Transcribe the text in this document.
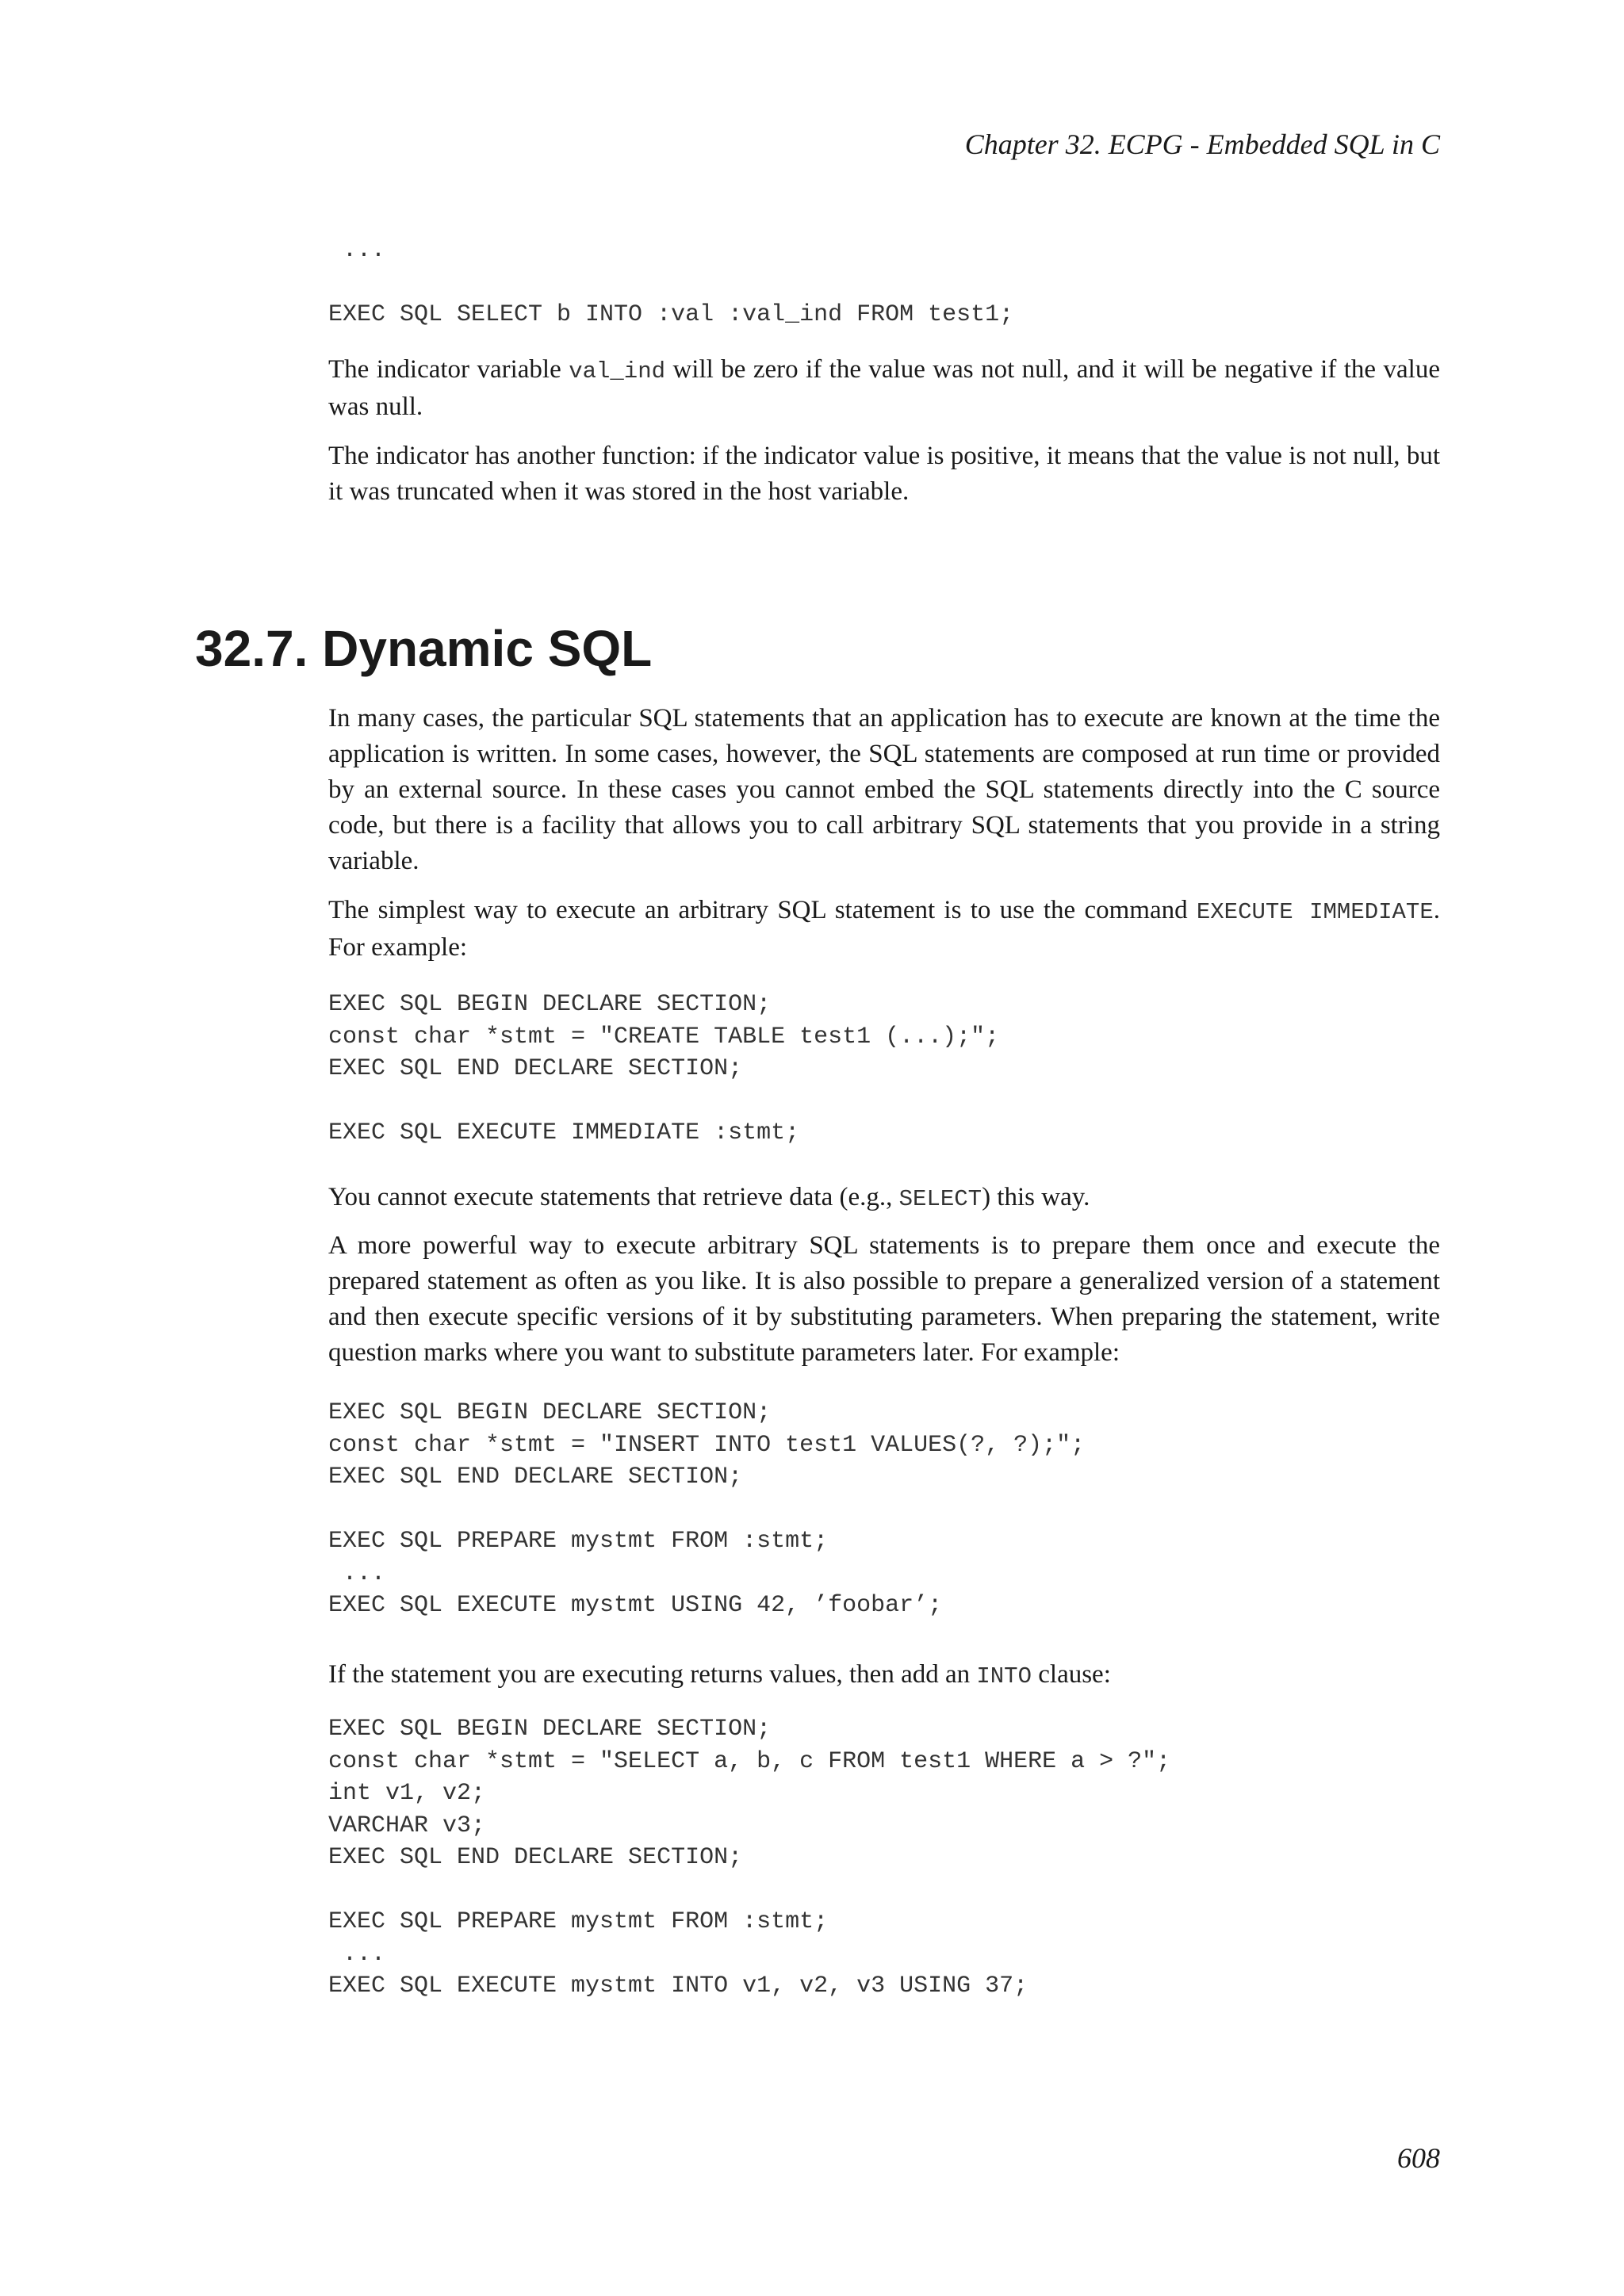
Chapter 32. ECPG - Embedded SQL in C
...

EXEC SQL SELECT b INTO :val :val_ind FROM test1;

The indicator variable val_ind will be zero if the value was not null, and it will be negative if the value was null.

The indicator has another function: if the indicator value is positive, it means that the value is not null, but it was truncated when it was stored in the host variable.

32.7. Dynamic SQL

In many cases, the particular SQL statements that an application has to execute are known at the time the application is written. In some cases, however, the SQL statements are composed at run time or provided by an external source. In these cases you cannot embed the SQL statements directly into the C source code, but there is a facility that allows you to call arbitrary SQL statements that you provide in a string variable.

The simplest way to execute an arbitrary SQL statement is to use the command EXECUTE IMMEDIATE. For example:

EXEC SQL BEGIN DECLARE SECTION;
const char *stmt = "CREATE TABLE test1 (...);";
EXEC SQL END DECLARE SECTION;

EXEC SQL EXECUTE IMMEDIATE :stmt;

You cannot execute statements that retrieve data (e.g., SELECT) this way.

A more powerful way to execute arbitrary SQL statements is to prepare them once and execute the prepared statement as often as you like. It is also possible to prepare a generalized version of a statement and then execute specific versions of it by substituting parameters. When preparing the statement, write question marks where you want to substitute parameters later. For example:

EXEC SQL BEGIN DECLARE SECTION;
const char *stmt = "INSERT INTO test1 VALUES(?, ?);";
EXEC SQL END DECLARE SECTION;

EXEC SQL PREPARE mystmt FROM :stmt;
...
EXEC SQL EXECUTE mystmt USING 42, ’foobar’;

If the statement you are executing returns values, then add an INTO clause:

EXEC SQL BEGIN DECLARE SECTION;
const char *stmt = "SELECT a, b, c FROM test1 WHERE a > ?";
int v1, v2;
VARCHAR v3;
EXEC SQL END DECLARE SECTION;

EXEC SQL PREPARE mystmt FROM :stmt;
...
EXEC SQL EXECUTE mystmt INTO v1, v2, v3 USING 37;
608
